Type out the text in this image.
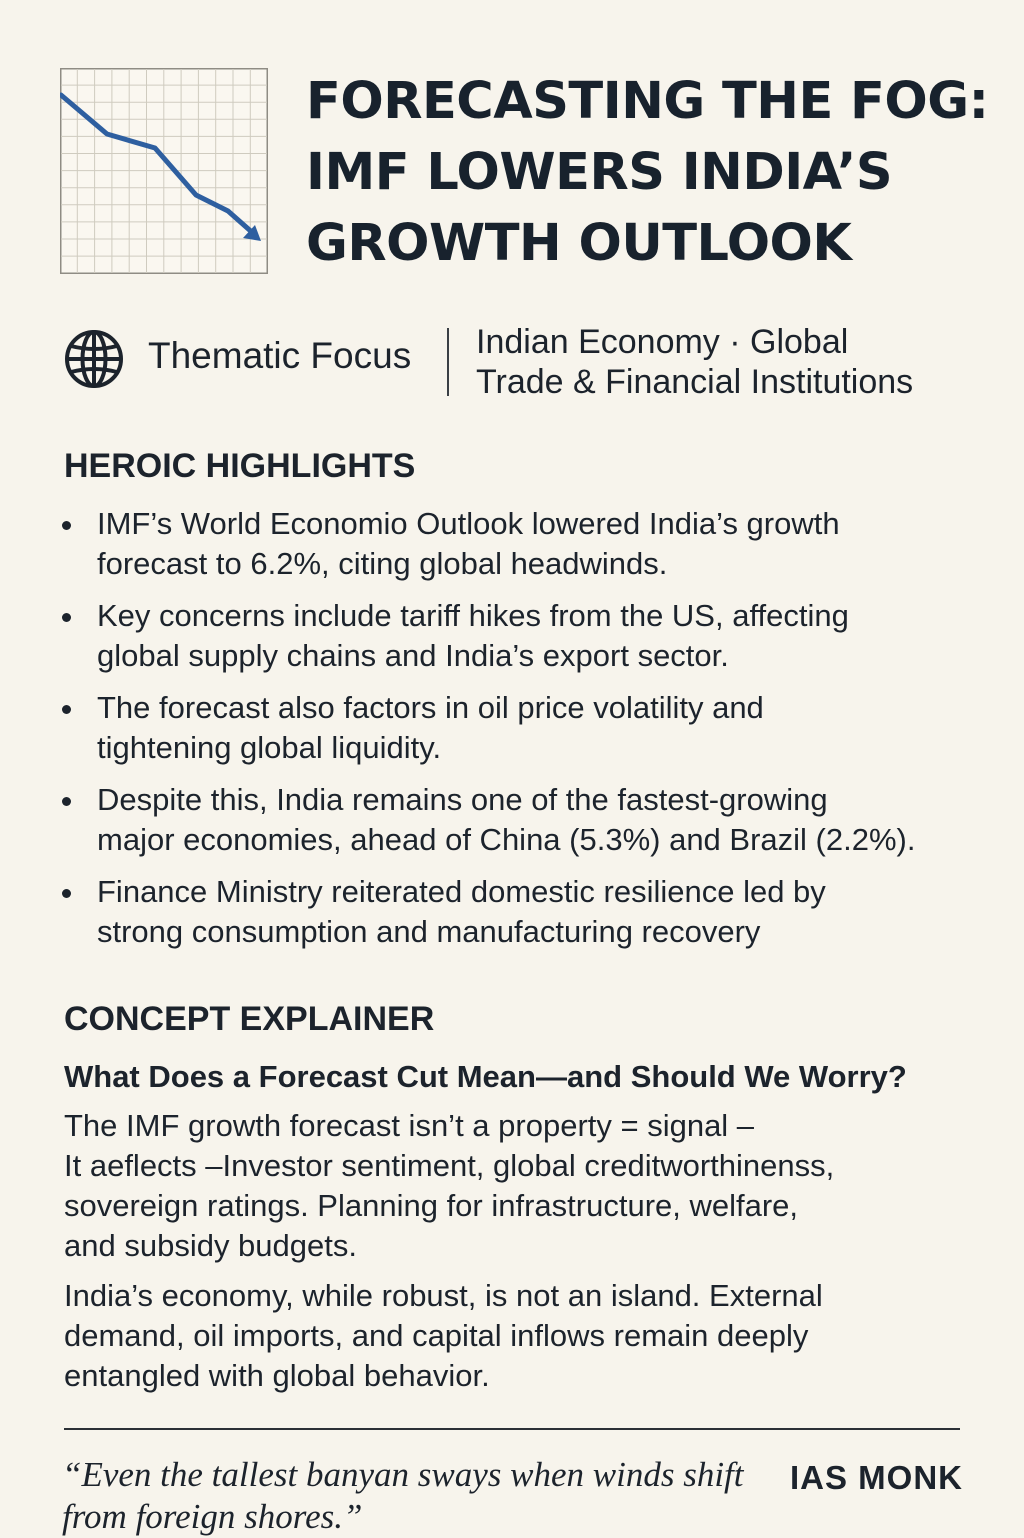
FORECASTING THE FOG:
IMF LOWERS INDIA’S
GROWTH OUTLOOK
Thematic Focus Indian Economy · Global
Trade & Financial Institutions
HEROIC HIGHLIGHTS
IMF’s World Economio Outlook lowered India’s growth
forecast to 6.2%, citing global headwinds.
Key concerns include tariff hikes from the US, affecting
global supply chains and India’s export sector.
The forecast also factors in oil price volatility and
tightening global liquidity.
Despite this, India remains one of the fastest-growing
major economies, ahead of China (5.3%) and Brazil (2.2%).
Finance Ministry reiterated domestic resilience led by
strong consumption and manufacturing recovery
CONCEPT EXPLAINER
What Does a Forecast Cut Mean—and Should We Worry?

The IMF growth forecast isn’t a property = signal –
It aeflects –Investor sentiment, global creditworthinenss,
sovereign ratings. Planning for infrastructure, welfare,
and subsidy budgets.

India’s economy, while robust, is not an island. External
demand, oil imports, and capital inflows remain deeply
entangled with global behavior.

“Even the tallest banyan sways when winds shift
from foreign shores.”
IAS MONK
